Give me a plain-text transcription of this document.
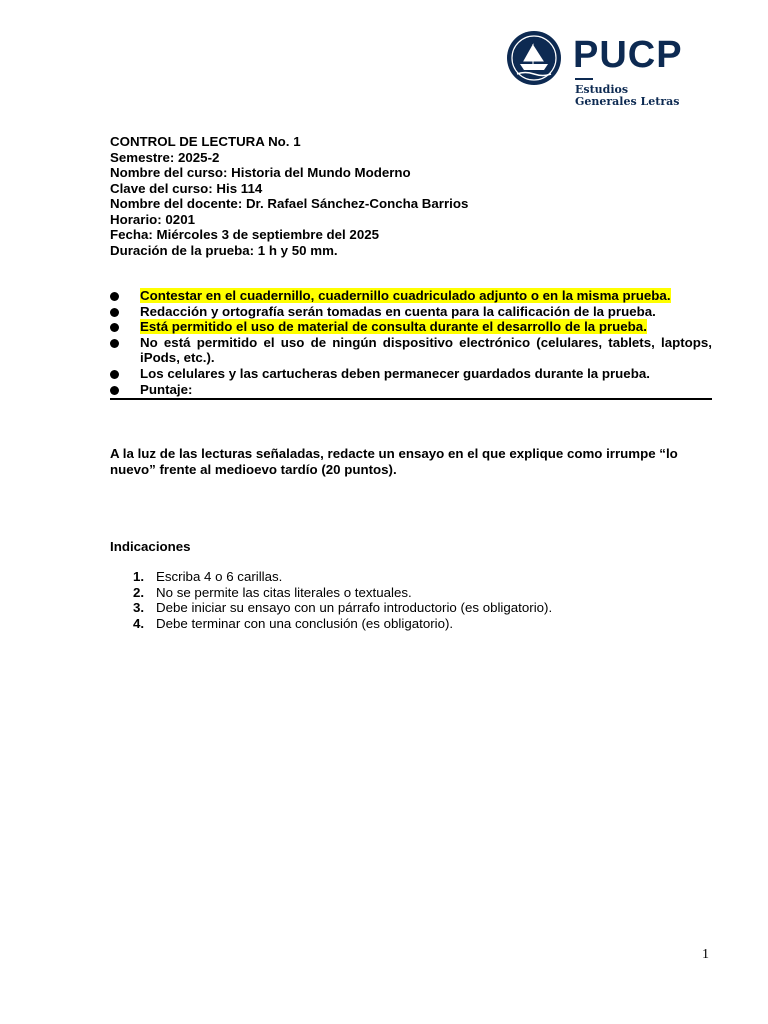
PUCP
Estudios
Generales Letras
CONTROL DE LECTURA No. 1
Semestre: 2025-2
Nombre del curso: Historia del Mundo Moderno
Clave del curso: His 114
Nombre del docente: Dr. Rafael Sánchez-Concha Barrios
Horario: 0201
Fecha: Miércoles 3 de septiembre del 2025
Duración de la prueba: 1 h y 50 mm.
Contestar en el cuadernillo, cuadernillo cuadriculado adjunto o en la misma prueba.
Redacción y ortografía serán tomadas en cuenta para la calificación de la prueba.
Está permitido el uso de material de consulta durante el desarrollo de la prueba.
No está permitido el uso de ningún dispositivo electrónico (celulares, tablets, laptops, iPods, etc.).
Los celulares y las cartucheras deben permanecer guardados durante la prueba.
Puntaje:
A la luz de las lecturas señaladas, redacte un ensayo en el que explique como irrumpe “lo nuevo” frente al medioevo tardío (20 puntos).
Indicaciones
1. Escriba 4 o 6 carillas.
2. No se permite las citas literales o textuales.
3. Debe iniciar su ensayo con un párrafo introductorio (es obligatorio).
4. Debe terminar con una conclusión (es obligatorio).
1
